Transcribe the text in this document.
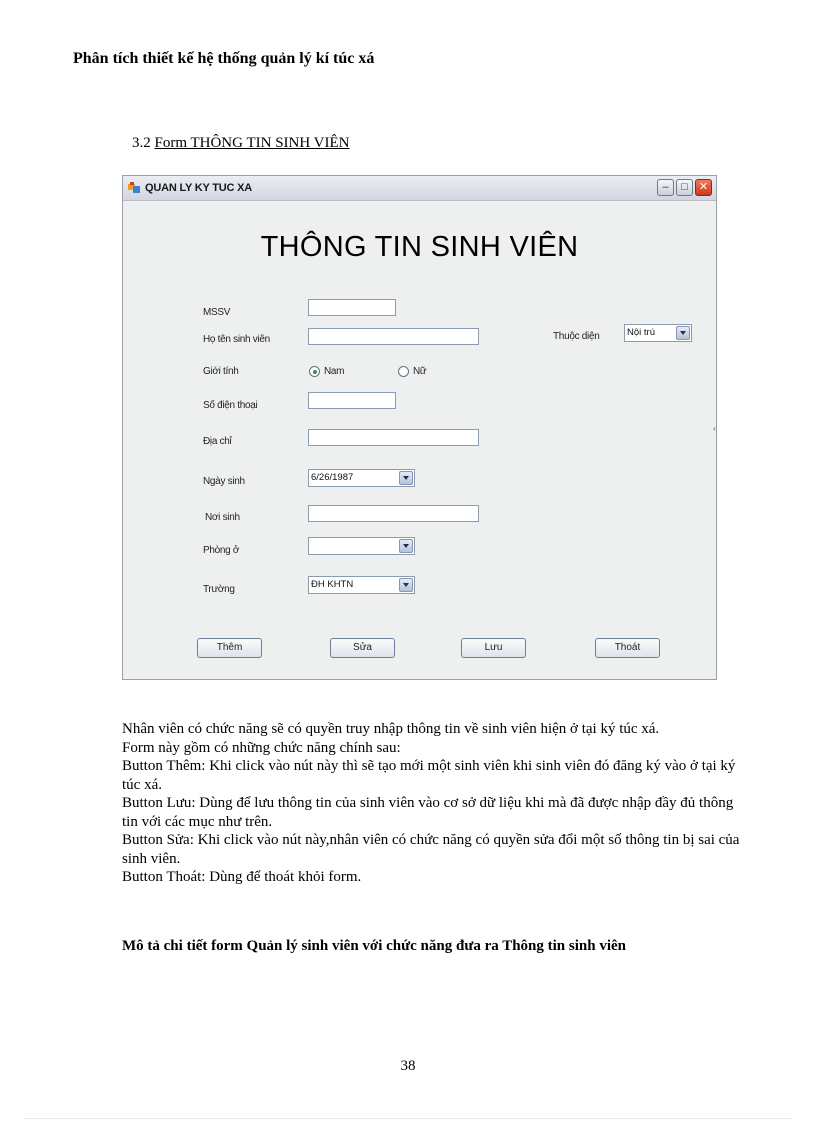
Phân tích thiết kế hệ thống quản lý kí túc xá
3.2 Form THÔNG TIN SINH VIÊN
QUAN LY KY TUC XA	–	□	✕
THÔNG TIN SINH VIÊN
MSSV
Họ tên sinh viên	Thuộc diện	Nội trú
Giới tính	Nam	Nữ
Số điện thoại
Địa chỉ
Ngày sinh	6/26/1987
Nơi sinh
Phòng ở
Trường	ĐH KHTN
‹
Thêm	Sửa	Lưu	Thoát

Nhân viên có chức năng sẽ có quyền truy nhập thông tin về sinh viên hiện ở tại ký túc xá.

Form này gồm có những chức năng chính sau:

Button Thêm: Khi click vào nút này thì sẽ tạo mới một sinh viên khi sinh viên đó đăng ký vào ở tại ký túc xá.

Button Lưu: Dùng để lưu thông tin của sinh viên vào cơ sở dữ liệu khi mà đã được nhập đầy đủ thông tin với các mục như trên.

Button Sửa: Khi click vào nút này,nhân viên có chức năng có quyền sửa đổi một số thông tin bị sai của sinh viên.

Button Thoát: Dùng để thoát khỏi form.

Mô tả chi tiết form Quản lý sinh viên với chức năng đưa ra Thông tin sinh viên
38
